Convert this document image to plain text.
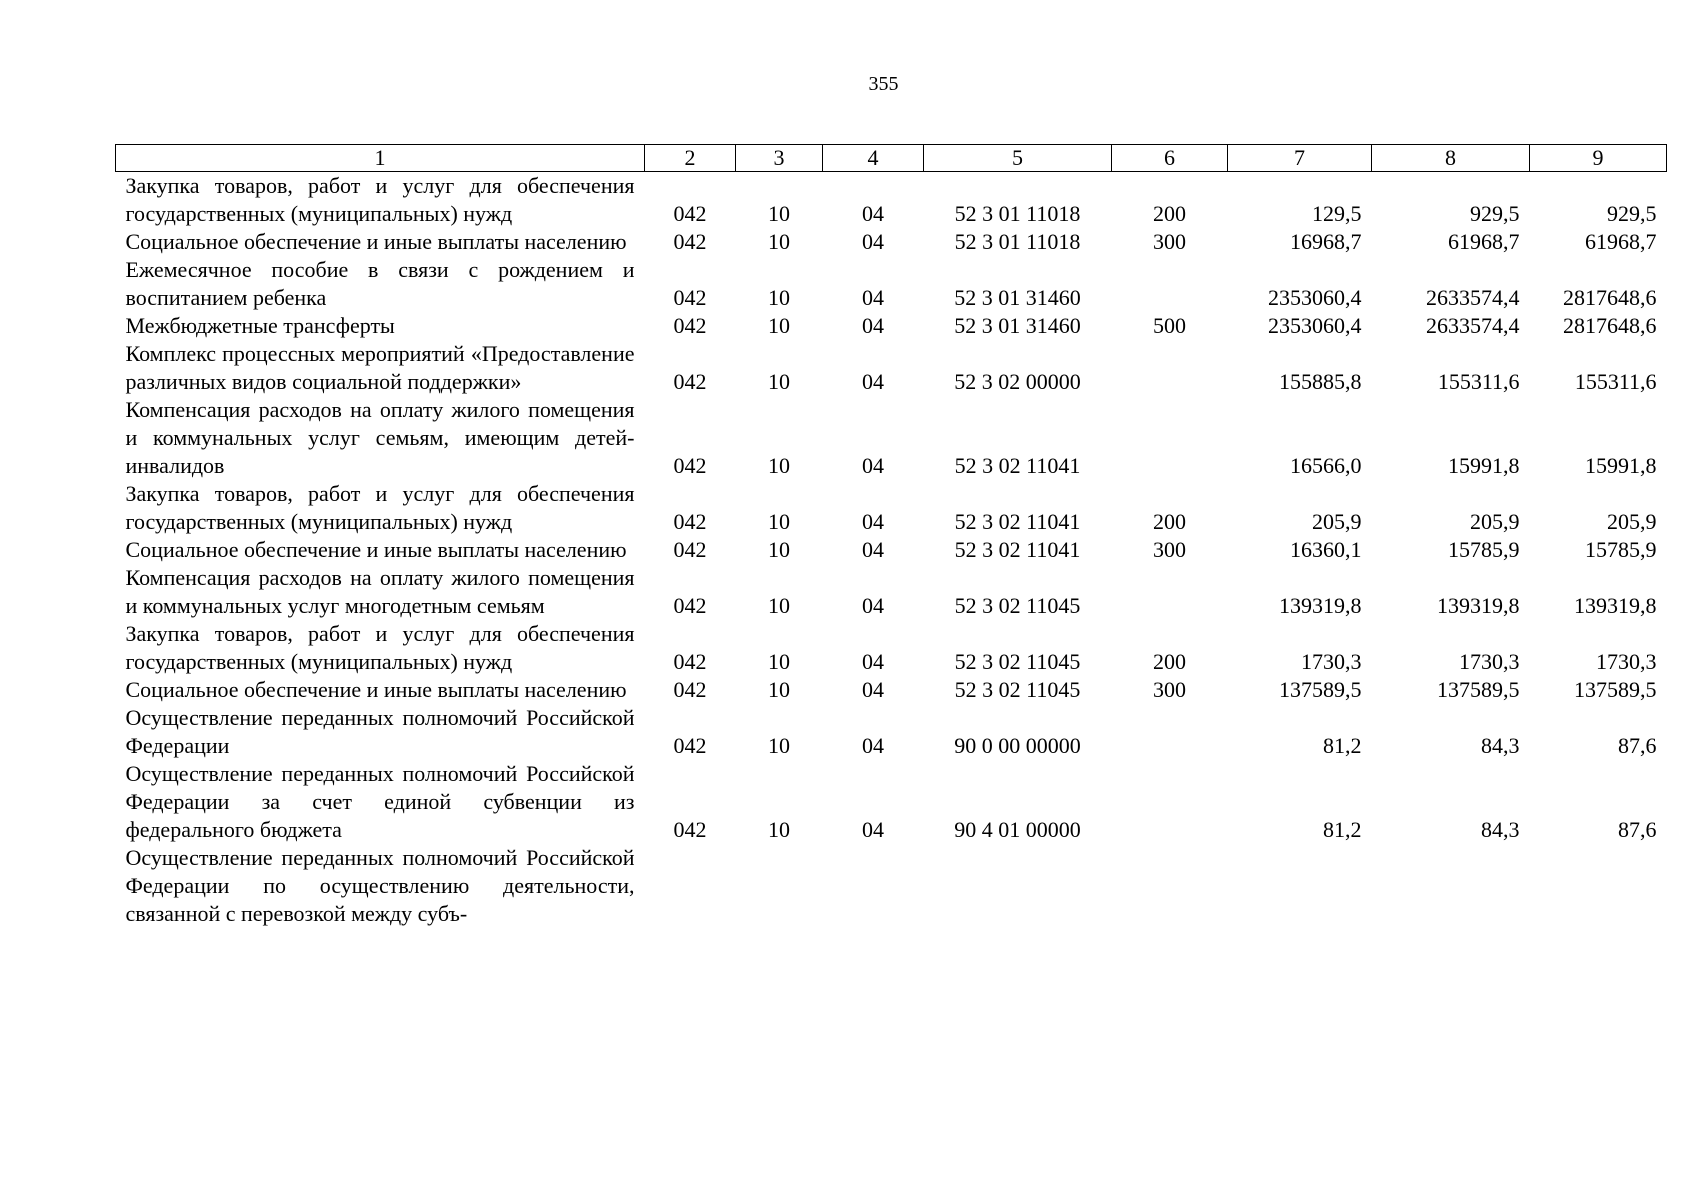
355
1	2	3	4	5	6	7	8	9
Закупка товаров, работ и услуг для обеспечения государственных (муниципальных) нужд	042	10	04	52 3 01 11018	200	129,5	929,5	929,5
Социальное обеспечение и иные выплаты населению	042	10	04	52 3 01 11018	300	16968,7	61968,7	61968,7
Ежемесячное пособие в связи с рождением и воспитанием ребенка	042	10	04	52 3 01 31460		2353060,4	2633574,4	2817648,6
Межбюджетные трансферты	042	10	04	52 3 01 31460	500	2353060,4	2633574,4	2817648,6
Комплекс процессных мероприятий «Предоставление различных видов социальной поддержки»	042	10	04	52 3 02 00000		155885,8	155311,6	155311,6
Компенсация расходов на оплату жилого помещения и коммунальных услуг семьям, имеющим детей-инвалидов	042	10	04	52 3 02 11041		16566,0	15991,8	15991,8
Закупка товаров, работ и услуг для обеспечения государственных (муниципальных) нужд	042	10	04	52 3 02 11041	200	205,9	205,9	205,9
Социальное обеспечение и иные выплаты населению	042	10	04	52 3 02 11041	300	16360,1	15785,9	15785,9
Компенсация расходов на оплату жилого помещения и коммунальных услуг многодетным семьям	042	10	04	52 3 02 11045		139319,8	139319,8	139319,8
Закупка товаров, работ и услуг для обеспечения государственных (муниципальных) нужд	042	10	04	52 3 02 11045	200	1730,3	1730,3	1730,3
Социальное обеспечение и иные выплаты населению	042	10	04	52 3 02 11045	300	137589,5	137589,5	137589,5
Осуществление переданных полномочий Российской Федерации	042	10	04	90 0 00 00000		81,2	84,3	87,6
Осуществление переданных полномочий Российской Федерации за счет единой субвенции из федерального бюджета	042	10	04	90 4 01 00000		81,2	84,3	87,6
Осуществление переданных полномочий Российской Федерации по осуществлению деятельности, связанной с перевозкой между субъ-								
